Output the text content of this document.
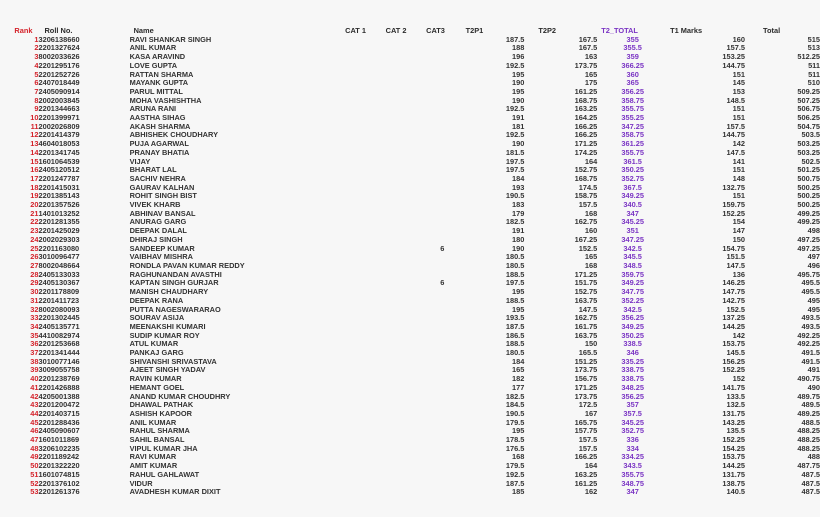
Rank	Roll No.	Name	CAT 1	CAT 2	CAT3	T2P1	T2P2	T2_TOTAL	T1 Marks	Total
1	3206138660	RAVI SHANKAR SINGH				187.5	167.5	355	160	515
2	2201327624	ANIL KUMAR				188	167.5	355.5	157.5	513
3	8002033626	KASA ARAVIND				196	163	359	153.25	512.25
4	2201295176	LOVE GUPTA				192.5	173.75	366.25	144.75	511
5	2201252726	RATTAN SHARMA				195	165	360	151	511
6	2407018449	MAYANK GUPTA				190	175	365	145	510
7	2405090914	PARUL MITTAL				195	161.25	356.25	153	509.25
8	2002003845	MOHA VASHISHTHA				190	168.75	358.75	148.5	507.25
9	2201344663	ARUNA RANI				192.5	163.25	355.75	151	506.75
10	2201399971	AASTHA SIHAG				191	164.25	355.25	151	506.25
11	2002026809	AKASH SHARMA				181	166.25	347.25	157.5	504.75
12	2201414379	ABHISHEK CHOUDHARY				192.5	166.25	358.75	144.75	503.5
13	4604018053	PUJA AGARWAL				190	171.25	361.25	142	503.25
14	2201341745	PRANAY BHATIA				181.5	174.25	355.75	147.5	503.25
15	1601064539	VIJAY				197.5	164	361.5	141	502.5
16	2405120512	BHARAT LAL				197.5	152.75	350.25	151	501.25
17	2201247787	SACHIV NEHRA				184	168.75	352.75	148	500.75
18	2201415031	GAURAV KALHAN				193	174.5	367.5	132.75	500.25
19	2201385143	ROHIT SINGH BIST				190.5	158.75	349.25	151	500.25
20	2201357526	VIVEK KHARB				183	157.5	340.5	159.75	500.25
21	1401013252	ABHINAV BANSAL				179	168	347	152.25	499.25
22	2201281355	ANURAG GARG				182.5	162.75	345.25	154	499.25
23	2201425029	DEEPAK DALAL				191	160	351	147	498
24	2002029303	DHIRAJ SINGH				180	167.25	347.25	150	497.25
25	2201163080	SANDEEP KUMAR			6	190	152.5	342.5	154.75	497.25
26	3010096477	VAIBHAV MISHRA				180.5	165	345.5	151.5	497
27	8002048664	RONDLA PAVAN KUMAR REDDY				180.5	168	348.5	147.5	496
28	2405133033	RAGHUNANDAN AVASTHI				188.5	171.25	359.75	136	495.75
29	2405130367	KAPTAN SINGH GURJAR			6	197.5	151.75	349.25	146.25	495.5
30	2201178809	MANISH CHAUDHARY				195	152.75	347.75	147.75	495.5
31	2201411723	DEEPAK RANA				188.5	163.75	352.25	142.75	495
32	8002080093	PUTTA NAGESWARARAO				195	147.5	342.5	152.5	495
33	2201302445	SOURAV ASIJA				193.5	162.75	356.25	137.25	493.5
34	2405135771	MEENAKSHI KUMARI				187.5	161.75	349.25	144.25	493.5
35	4410082974	SUDIP KUMAR ROY				186.5	163.75	350.25	142	492.25
36	2201253668	ATUL KUMAR				188.5	150	338.5	153.75	492.25
37	2201341444	PANKAJ GARG				180.5	165.5	346	145.5	491.5
38	3010077146	SHIVANSHI SRIVASTAVA				184	151.25	335.25	156.25	491.5
39	3009055758	AJEET SINGH YADAV				165	173.75	338.75	152.25	491
40	2201238769	RAVIN KUMAR				182	156.75	338.75	152	490.75
41	2201426888	HEMANT GOEL				177	171.25	348.25	141.75	490
42	4205001388	ANAND KUMAR CHOUDHRY				182.5	173.75	356.25	133.5	489.75
43	2201200472	DHAWAL PATHAK				184.5	172.5	357	132.5	489.5
44	2201403715	ASHISH KAPOOR				190.5	167	357.5	131.75	489.25
45	2201288436	ANIL KUMAR				179.5	165.75	345.25	143.25	488.5
46	2405090607	RAHUL SHARMA				195	157.75	352.75	135.5	488.25
47	1601011869	SAHIL BANSAL				178.5	157.5	336	152.25	488.25
48	3206102235	VIPUL KUMAR JHA				176.5	157.5	334	154.25	488.25
49	2201189242	RAVI KUMAR				168	166.25	334.25	153.75	488
50	2201322220	AMIT KUMAR				179.5	164	343.5	144.25	487.75
51	1601074815	RAHUL GAHLAWAT				192.5	163.25	355.75	131.75	487.5
52	2201376102	VIDUR				187.5	161.25	348.75	138.75	487.5
53	2201261376	AVADHESH KUMAR DIXIT				185	162	347	140.5	487.5
